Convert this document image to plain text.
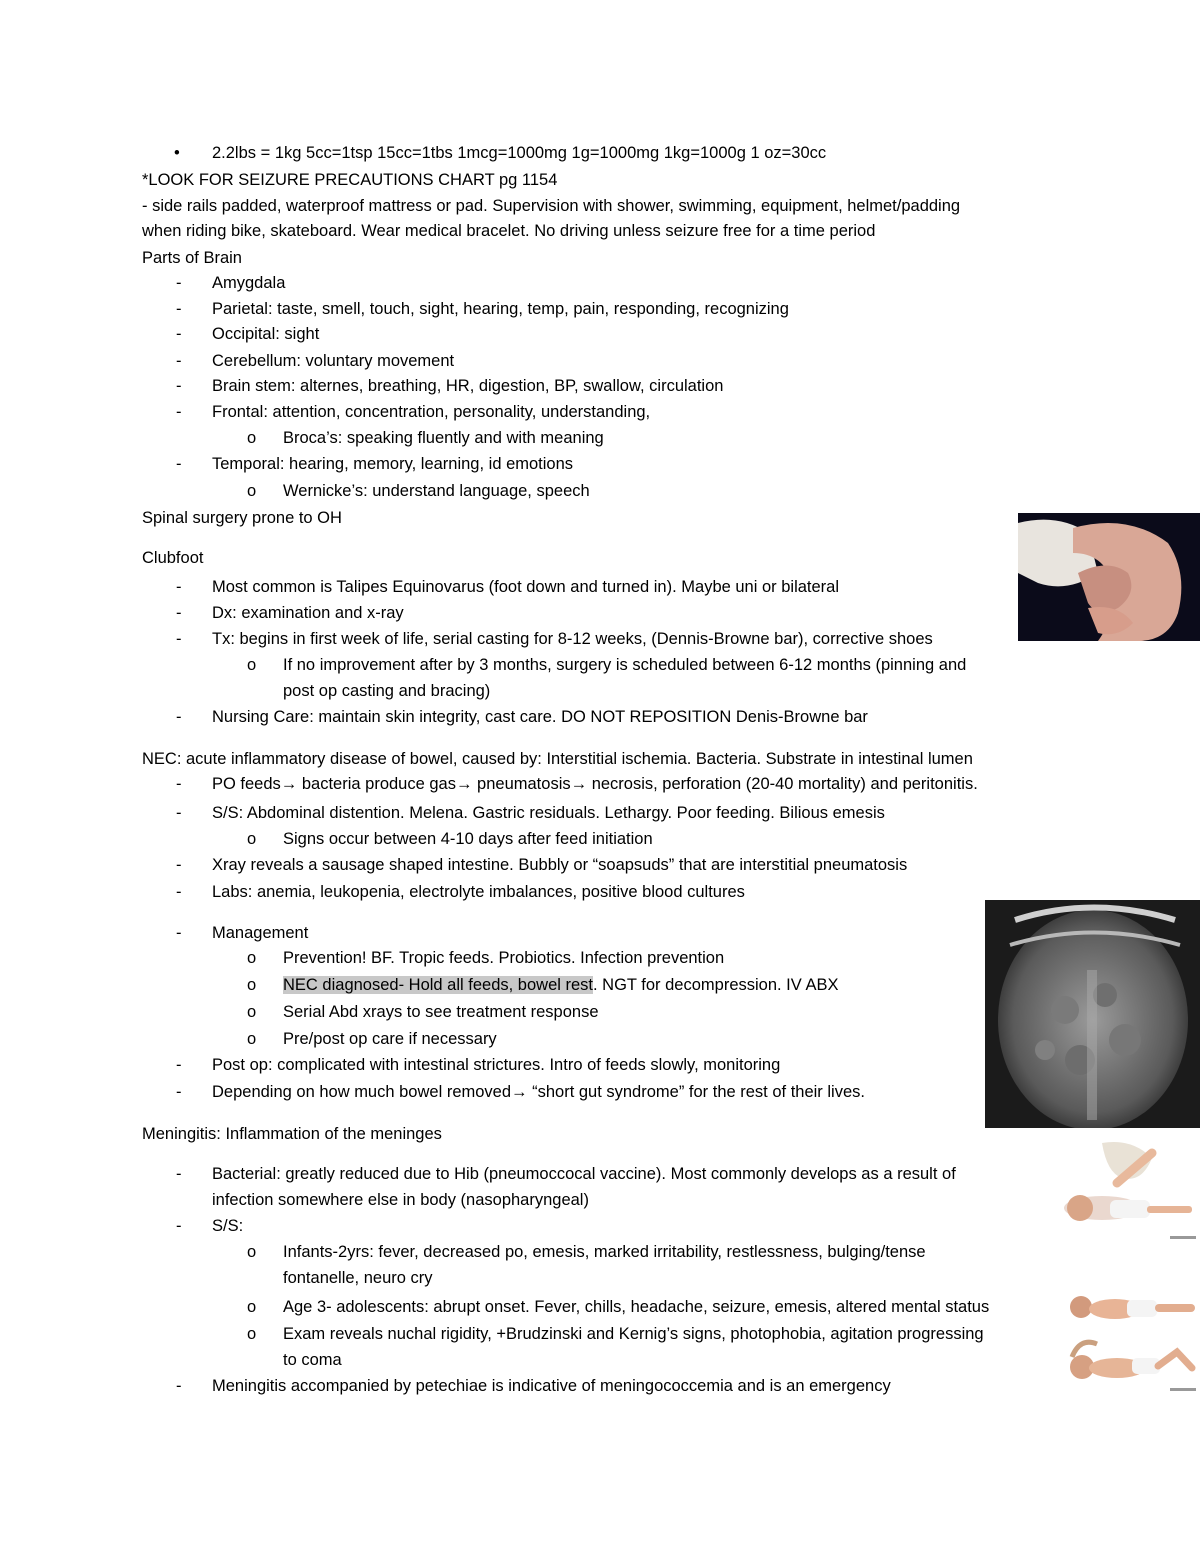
• 2.2lbs = 1kg 5cc=1tsp 15cc=1tbs 1mcg=1000mg 1g=1000mg 1kg=1000g 1 oz=30cc
*LOOK FOR SEIZURE PRECAUTIONS CHART pg 1154
- side rails padded, waterproof mattress or pad. Supervision with shower, swimming, equipment, helmet/padding
when riding bike, skateboard. Wear medical bracelet. No driving unless seizure free for a time period
Parts of Brain
- Amygdala
- Parietal: taste, smell, touch, sight, hearing, temp, pain, responding, recognizing
- Occipital: sight
- Cerebellum: voluntary movement
- Brain stem: alternes, breathing, HR, digestion, BP, swallow, circulation
- Frontal: attention, concentration, personality, understanding,
o Broca’s: speaking fluently and with meaning
- Temporal: hearing, memory, learning, id emotions
o Wernicke’s: understand language, speech
Spinal surgery prone to OH
Clubfoot
- Most common is Talipes Equinovarus (foot down and turned in). Maybe uni or bilateral
- Dx: examination and x-ray
- Tx: begins in first week of life, serial casting for 8-12 weeks, (Dennis-Browne bar), corrective shoes
o If no improvement after by 3 months, surgery is scheduled between 6-12 months (pinning and
post op casting and bracing)
- Nursing Care: maintain skin integrity, cast care. DO NOT REPOSITION Denis-Browne bar
NEC: acute inflammatory disease of bowel, caused by: Interstitial ischemia. Bacteria. Substrate in intestinal lumen
- PO feeds→ bacteria produce gas→ pneumatosis→ necrosis, perforation (20-40 mortality) and peritonitis.
- S/S: Abdominal distention. Melena. Gastric residuals. Lethargy. Poor feeding. Bilious emesis
o Signs occur between 4-10 days after feed initiation
- Xray reveals a sausage shaped intestine. Bubbly or “soapsuds” that are interstitial pneumatosis
- Labs: anemia, leukopenia, electrolyte imbalances, positive blood cultures
- Management
o Prevention! BF. Tropic feeds. Probiotics. Infection prevention
o NEC diagnosed- Hold all feeds, bowel rest. NGT for decompression. IV ABX
o Serial Abd xrays to see treatment response
o Pre/post op care if necessary
- Post op: complicated with intestinal strictures. Intro of feeds slowly, monitoring
- Depending on how much bowel removed→ “short gut syndrome” for the rest of their lives.
Meningitis: Inflammation of the meninges
- Bacterial: greatly reduced due to Hib (pneumoccocal vaccine). Most commonly develops as a result of
infection somewhere else in body (nasopharyngeal)
- S/S:
o Infants-2yrs: fever, decreased po, emesis, marked irritability, restlessness, bulging/tense
fontanelle, neuro cry
o Age 3- adolescents: abrupt onset. Fever, chills, headache, seizure, emesis, altered mental status
o Exam reveals nuchal rigidity, +Brudzinski and Kernig’s signs, photophobia, agitation progressing
to coma
- Meningitis accompanied by petechiae is indicative of meningococcemia and is an emergency
